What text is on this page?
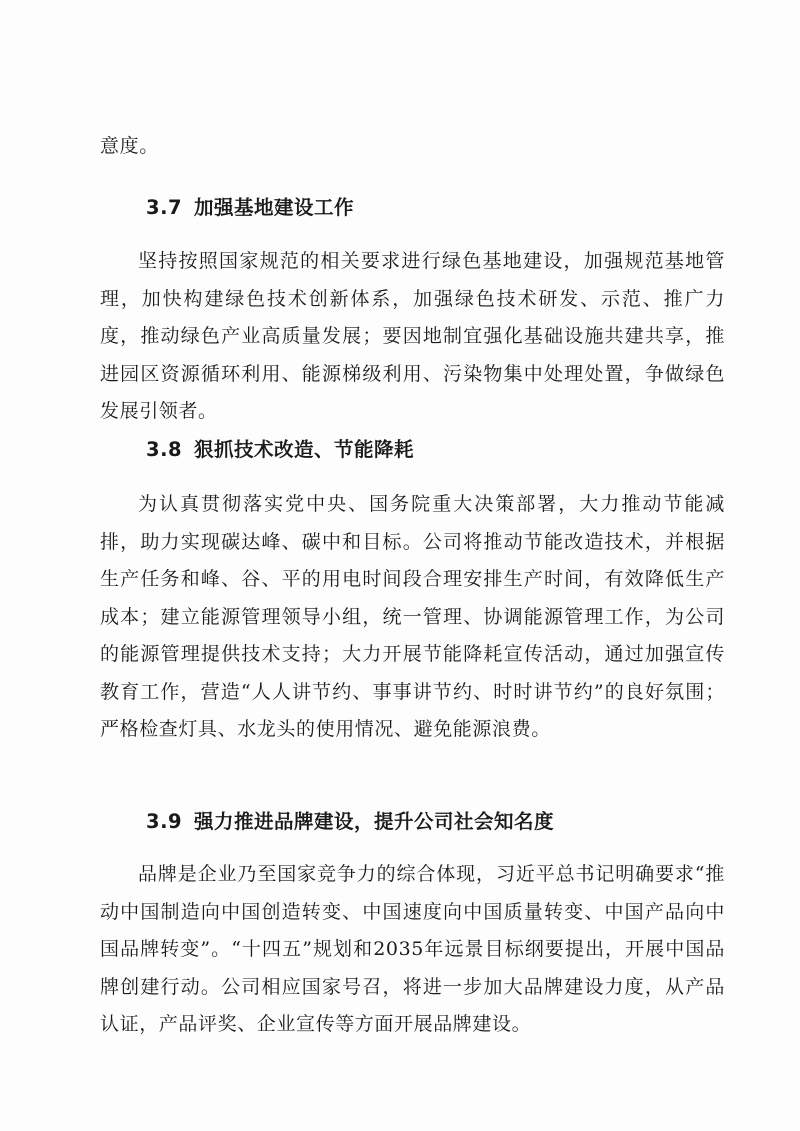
意度。

3.7 加强基地建设工作

坚持按照国家规范的相关要求进行绿色基地建设，加强规范基地管理，加快构建绿色技术创新体系，加强绿色技术研发、示范、推广力度，推动绿色产业高质量发展；要因地制宜强化基础设施共建共享，推进园区资源循环利用、能源梯级利用、污染物集中处理处置，争做绿色发展引领者。

3.8 狠抓技术改造、节能降耗

为认真贯彻落实党中央、国务院重大决策部署，大力推动节能减排，助力实现碳达峰、碳中和目标。公司将推动节能改造技术，并根据生产任务和峰、谷、平的用电时间段合理安排生产时间，有效降低生产成本；建立能源管理领导小组，统一管理、协调能源管理工作，为公司的能源管理提供技术支持；大力开展节能降耗宣传活动，通过加强宣传教育工作，营造“人人讲节约、事事讲节约、时时讲节约”的良好氛围；严格检查灯具、水龙头的使用情况、避免能源浪费。

3.9 强力推进品牌建设，提升公司社会知名度

品牌是企业乃至国家竞争力的综合体现，习近平总书记明确要求“推动中国制造向中国创造转变、中国速度向中国质量转变、中国产品向中国品牌转变”。“十四五”规划和2035年远景目标纲要提出，开展中国品牌创建行动。公司相应国家号召，将进一步加大品牌建设力度，从产品认证，产品评奖、企业宣传等方面开展品牌建设。
